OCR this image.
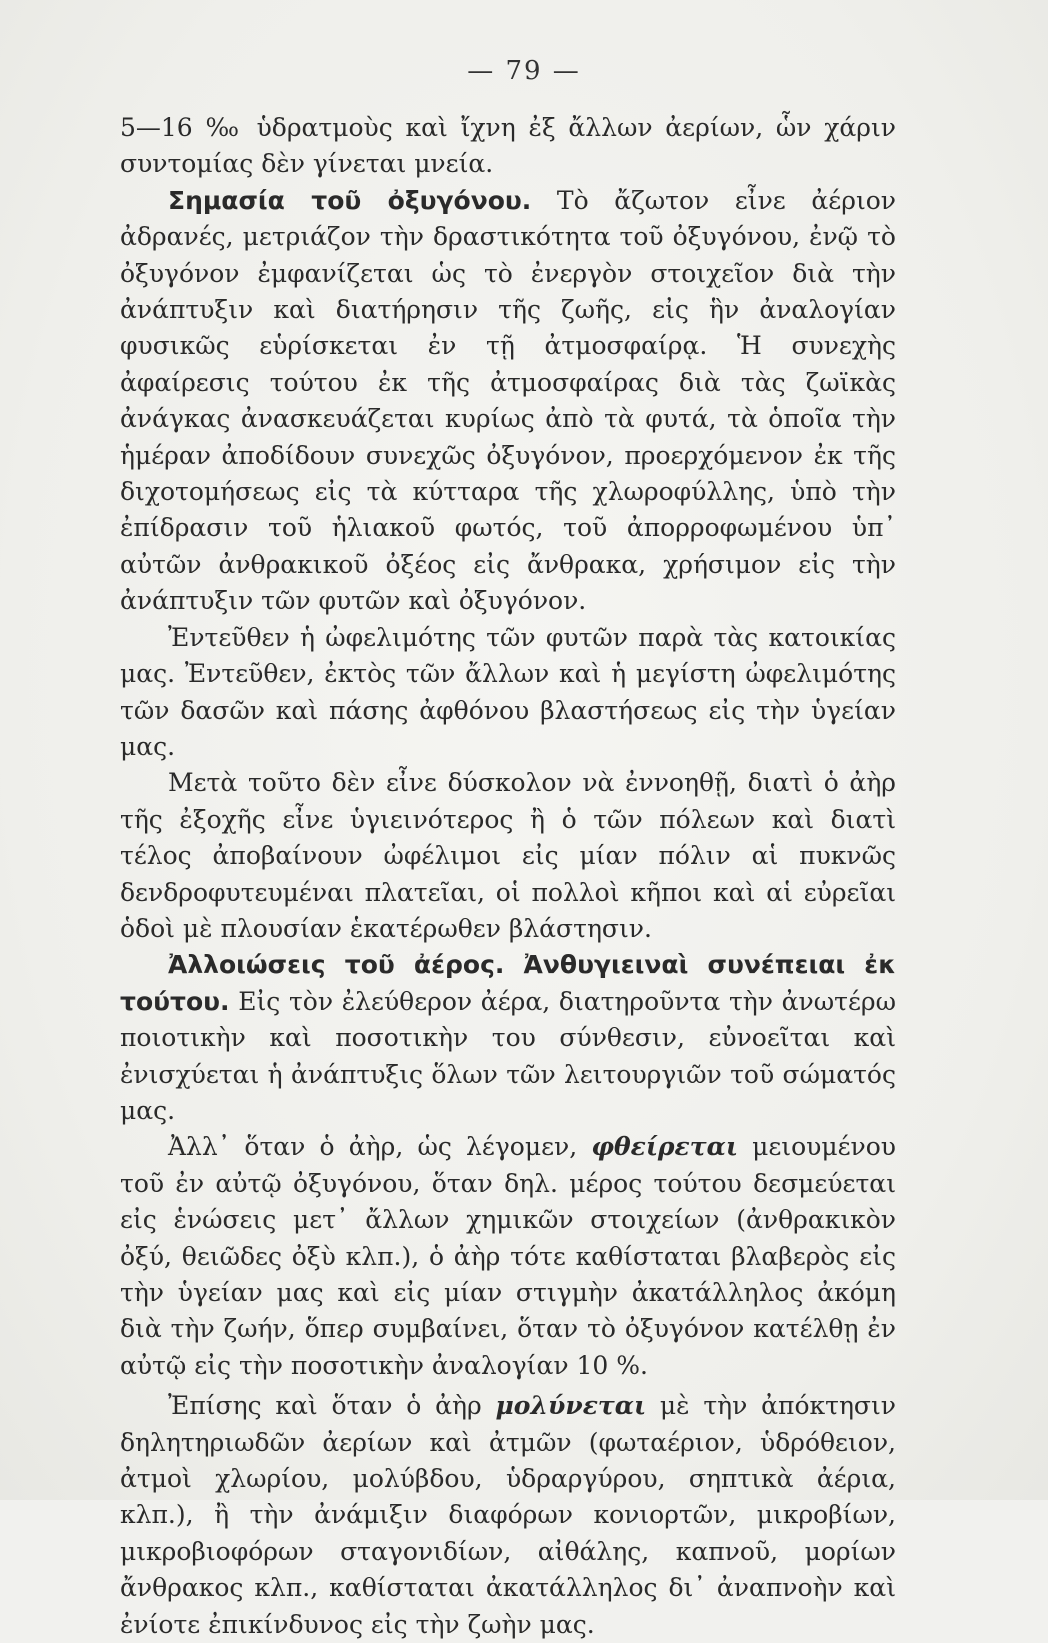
— 79 —

5—16 ‰ ὑδρατμοὺς καὶ ἴχνη ἐξ ἄλλων ἀερίων, ὧν χάριν συντομίας δὲν γίνεται μνεία.

Σημασία τοῦ ὀξυγόνου. Τὸ ἄζωτον εἶνε ἀέριον ἀδρανές, μετριάζον τὴν δραστικότητα τοῦ ὀξυγόνου, ἐνῷ τὸ ὀξυγόνον ἐμφανίζεται ὡς τὸ ἐνεργὸν στοιχεῖον διὰ τὴν ἀνάπτυξιν καὶ διατήρησιν τῆς ζωῆς, εἰς ἣν ἀναλογίαν φυσικῶς εὑρίσκεται ἐν τῇ ἀτμοσφαίρᾳ. Ἡ συνεχὴς ἀφαίρεσις τούτου ἐκ τῆς ἀτμοσφαίρας διὰ τὰς ζωϊκὰς ἀνάγκας ἀνασκευάζεται κυρίως ἀπὸ τὰ φυτά, τὰ ὁποῖα τὴν ἡμέραν ἀποδίδουν συνεχῶς ὀξυγόνον, προερχόμενον ἐκ τῆς διχοτομήσεως εἰς τὰ κύτταρα τῆς χλωροφύλλης, ὑπὸ τὴν ἐπίδρασιν τοῦ ἡλιακοῦ φωτός, τοῦ ἀπορροφωμένου ὑπ᾽ αὐτῶν ἀνθρακικοῦ ὀξέος εἰς ἄνθρακα, χρήσιμον εἰς τὴν ἀνάπτυξιν τῶν φυτῶν καὶ ὀξυγόνον.

Ἐντεῦθεν ἡ ὠφελιμότης τῶν φυτῶν παρὰ τὰς κατοικίας μας. Ἐντεῦθεν, ἐκτὸς τῶν ἄλλων καὶ ἡ μεγίστη ὠφελιμότης τῶν δασῶν καὶ πάσης ἀφθόνου βλαστήσεως εἰς τὴν ὑγείαν μας.

Μετὰ τοῦτο δὲν εἶνε δύσκολον νὰ ἐννοηθῇ, διατὶ ὁ ἀὴρ τῆς ἐξοχῆς εἶνε ὑγιεινότερος ἢ ὁ τῶν πόλεων καὶ διατὶ τέλος ἀποβαίνουν ὠφέλιμοι εἰς μίαν πόλιν αἱ πυκνῶς δενδροφυτευμέναι πλατεῖαι, οἱ πολλοὶ κῆποι καὶ αἱ εὐρεῖαι ὁδοὶ μὲ πλουσίαν ἑκατέρωθεν βλάστησιν.

Ἀλλοιώσεις τοῦ ἀέρος. Ἀνθυγιειναὶ συνέπειαι ἐκ τούτου. Εἰς τὸν ἐλεύθερον ἀέρα, διατηροῦντα τὴν ἀνωτέρω ποιοτικὴν καὶ ποσοτικὴν του σύνθεσιν, εὐνοεῖται καὶ ἐνισχύεται ἡ ἀνάπτυξις ὅλων τῶν λειτουργιῶν τοῦ σώματός μας.

Ἀλλ᾽ ὅταν ὁ ἀὴρ, ὡς λέγομεν, φθείρεται μειουμένου τοῦ ἐν αὐτῷ ὀξυγόνου, ὅταν δηλ. μέρος τούτου δεσμεύεται εἰς ἑνώσεις μετ᾽ ἄλλων χημικῶν στοιχείων (ἀνθρακικὸν ὀξύ, θειῶδες ὀξὺ κλπ.), ὁ ἀὴρ τότε καθίσταται βλαβερὸς εἰς τὴν ὑγείαν μας καὶ εἰς μίαν στιγμὴν ἀκατάλληλος ἀκόμη διὰ τὴν ζωήν, ὅπερ συμβαίνει, ὅταν τὸ ὀξυγόνον κατέλθῃ ἐν αὐτῷ εἰς τὴν ποσοτικὴν ἀναλογίαν 10 %.

Ἐπίσης καὶ ὅταν ὁ ἀὴρ μολύνεται μὲ τὴν ἀπόκτησιν δηλητηριωδῶν ἀερίων καὶ ἀτμῶν (φωταέριον, ὑδρόθειον, ἀτμοὶ χλωρίου, μολύβδου, ὑδραργύρου, σηπτικὰ ἀέρια, κλπ.), ἢ τὴν ἀνάμιξιν διαφόρων κονιορτῶν, μικροβίων, μικροβιοφόρων σταγονιδίων, αἰθάλης, καπνοῦ, μορίων ἄνθρακος κλπ., καθίσταται ἀκατάλληλος δι᾽ ἀναπνοὴν καὶ ἐνίοτε ἐπικίνδυνος εἰς τὴν ζωὴν μας.
